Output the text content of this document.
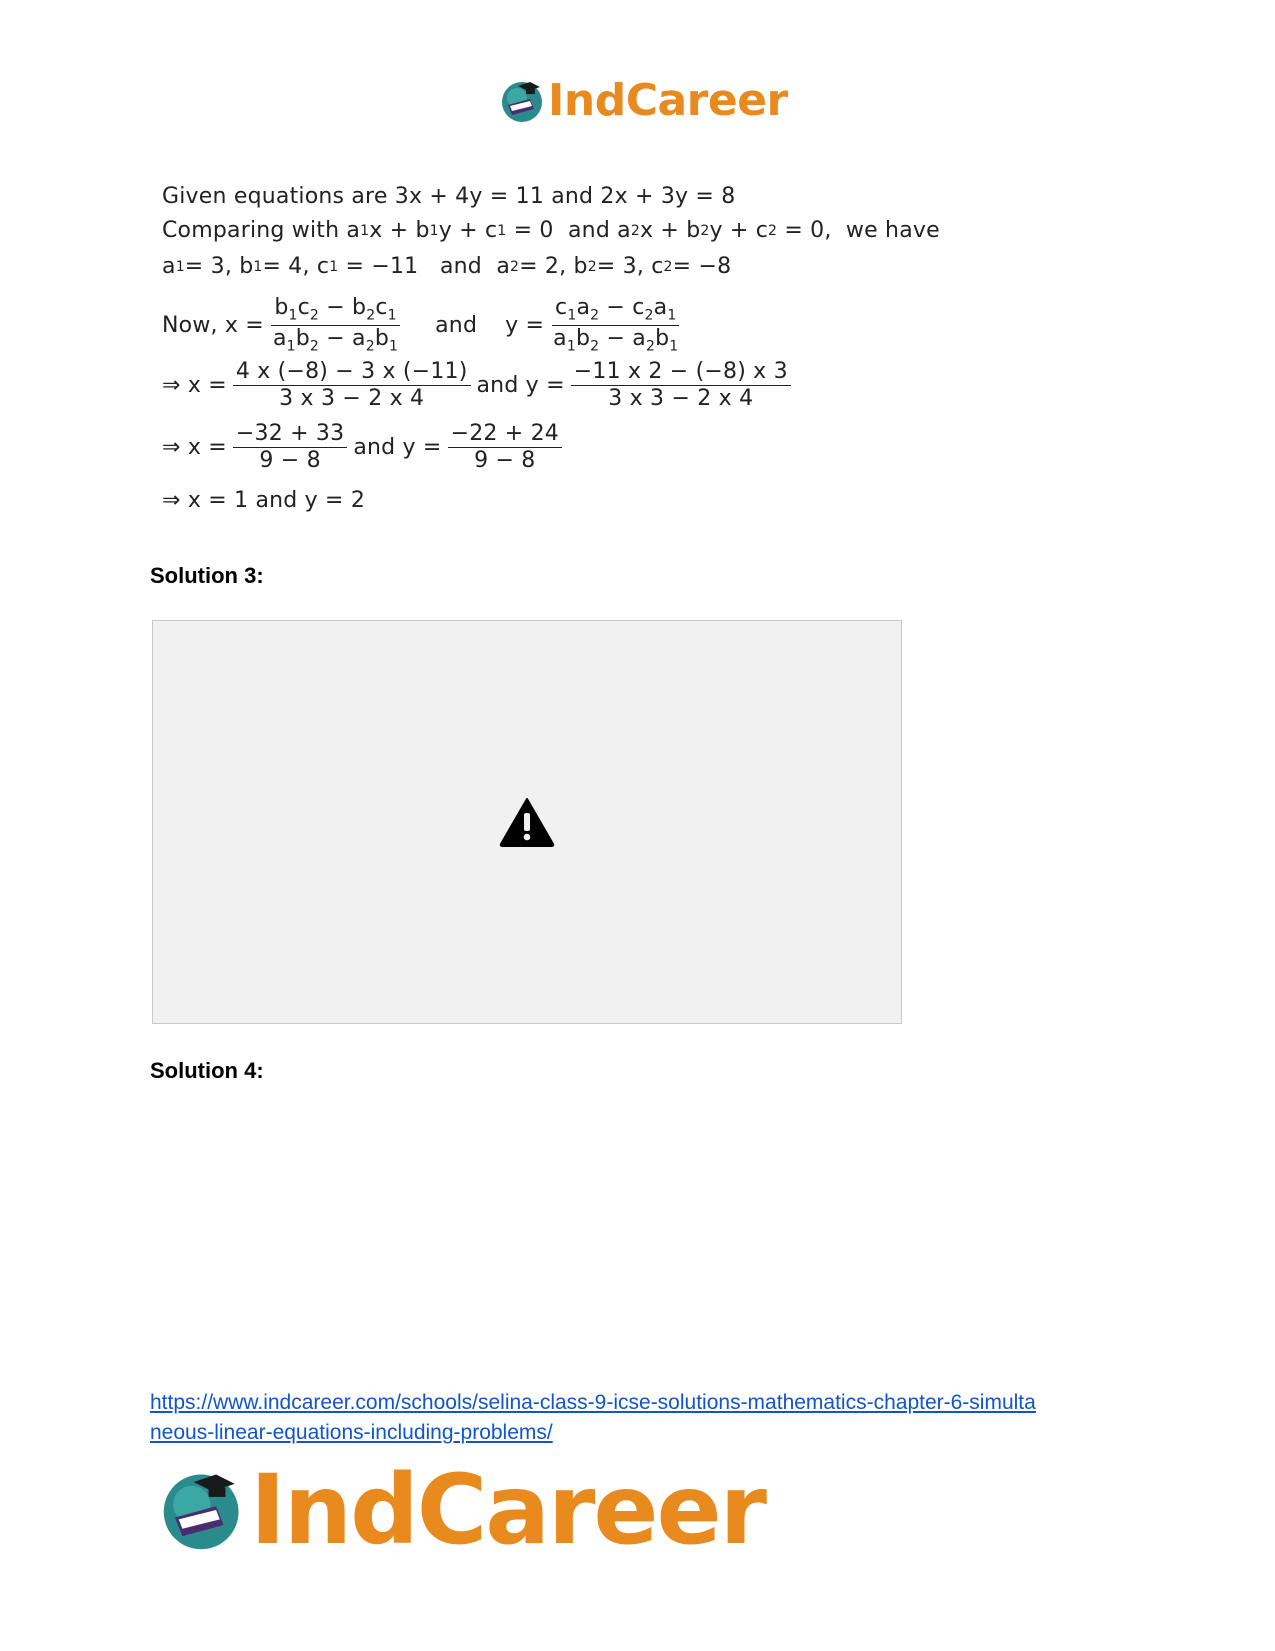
IndCareer
Given equations are 3x + 4y = 11 and 2x + 3y = 8
Comparing with a 1 x + b 1 y + c 1 = 0  and a 2 x + b 2 y + c 2 = 0,  we have
a 1 = 3, b 1 = 4, c 1 = −11   and  a 2 = 2, b 2 = 3, c 2 = −8
Now, $x = \frac{b_1c_2 - b_2c_1}{a_1b_2 - a_2b_1}$ and $y = \frac{c_1a_2 - c_2a_1}{a_1b_2 - a_2b_1}$
⇒ $x = \frac{4 x (-8) - 3 x (-11)}{3 x 3 - 2 x 4}$ and $y = \frac{-11 x 2 - (-8) x 3}{3 x 3 - 2 x 4}$
⇒ $x = \frac{-32 + 33}{9 - 8}$ and $y = \frac{-22 + 24}{9 - 8}$
⇒ x = 1 and y = 2
Solution 3:
Solution 4:
https://www.indcareer.com/schools/selina-class-9-icse-solutions-mathematics-chapter-6-simulta
neous-linear-equations-including-problems/
IndCareer
